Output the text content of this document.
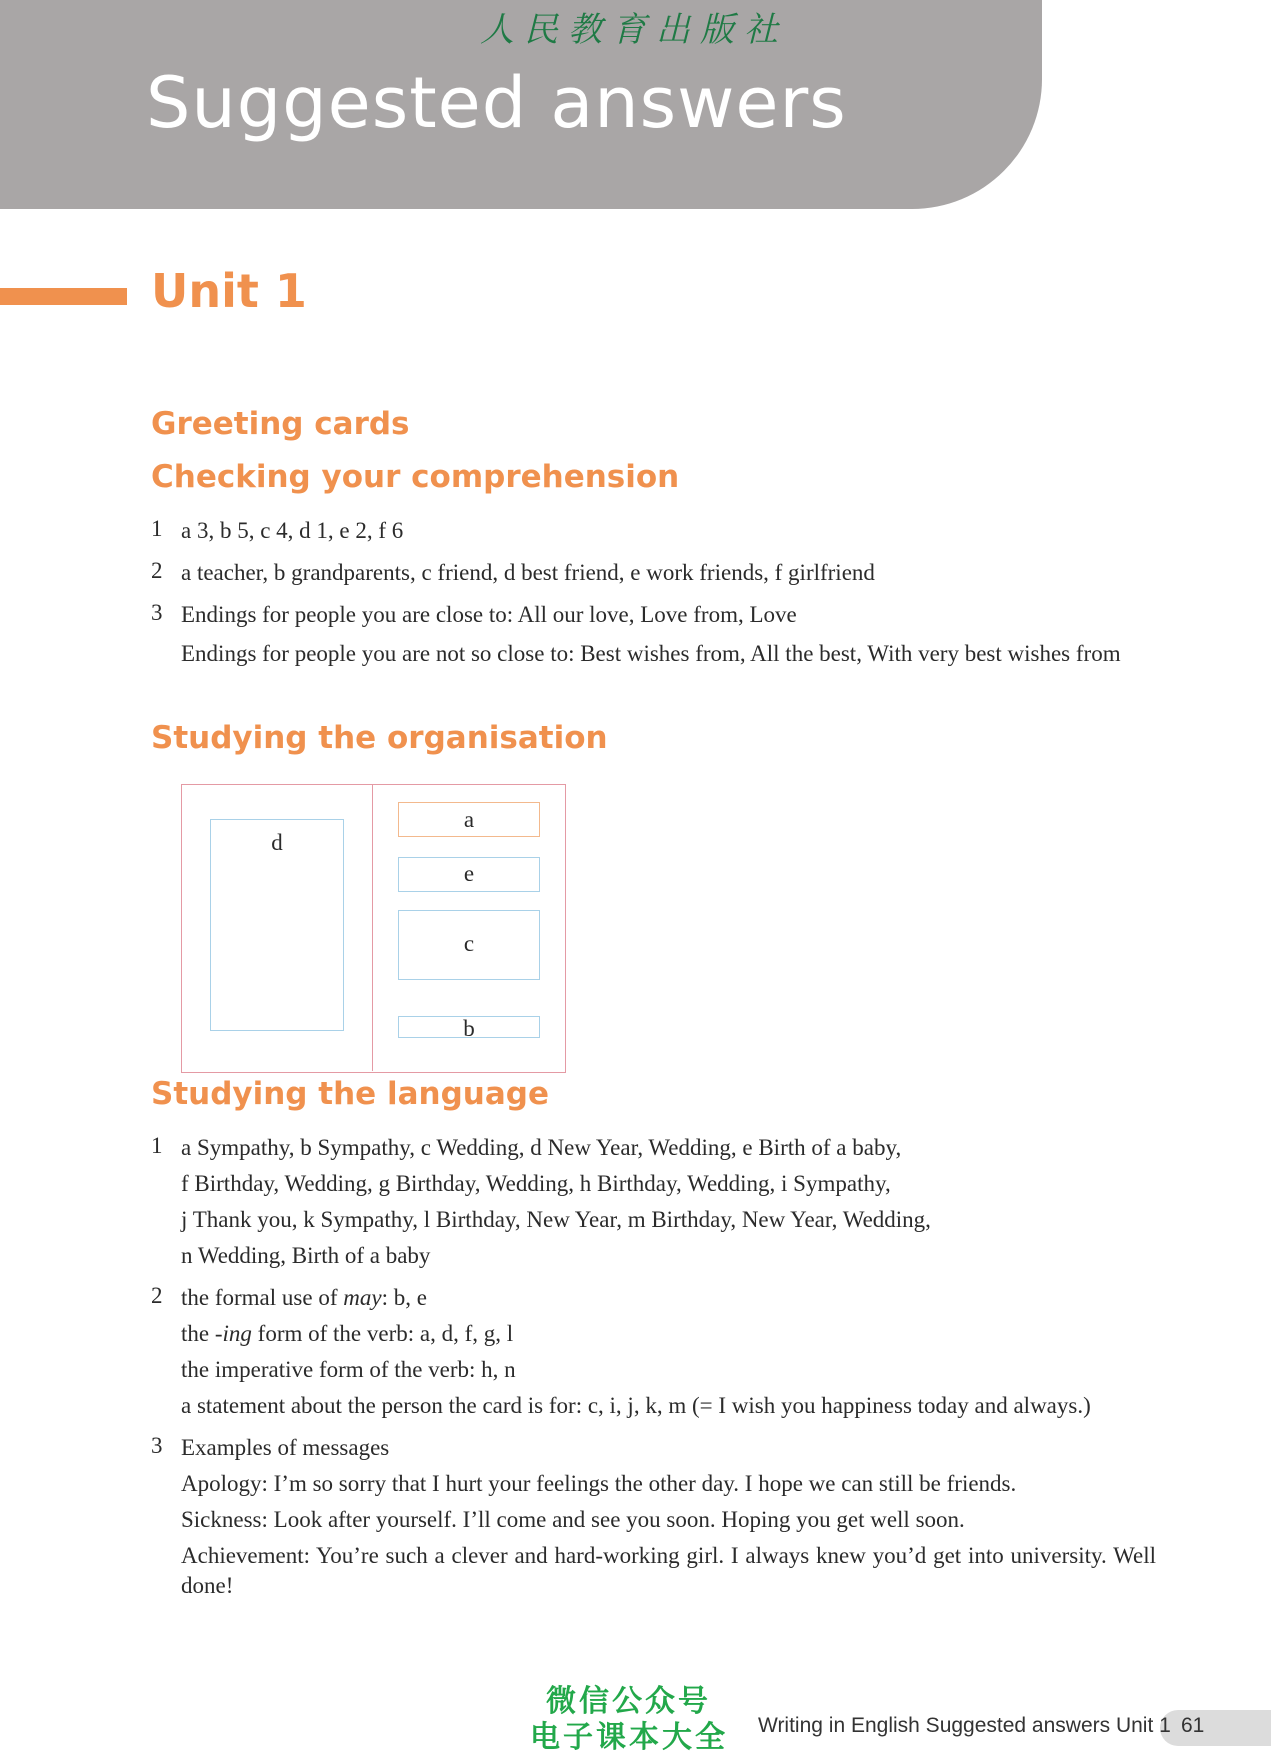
人民教育出版社
Suggested answers
Unit 1
Greeting cards
Checking your comprehension
1 a 3, b 5, c 4, d 1, e 2, f 6
2 a teacher, b grandparents, c friend, d best friend, e work friends, f girlfriend
3 Endings for people you are close to: All our love, Love from, Love
Endings for people you are not so close to: Best wishes from, All the best, With very best wishes from
Studying the organisation
d
a
e
c
b
Studying the language
1 a Sympathy, b Sympathy, c Wedding, d New Year, Wedding, e Birth of a baby,
f Birthday, Wedding, g Birthday, Wedding, h Birthday, Wedding, i Sympathy,
j Thank you, k Sympathy, l Birthday, New Year, m Birthday, New Year, Wedding,
n Wedding, Birth of a baby
2 the formal use of may: b, e
the -ing form of the verb: a, d, f, g, l
the imperative form of the verb: h, n
a statement about the person the card is for: c, i, j, k, m (= I wish you happiness today and always.)
3 Examples of messages
Apology: I’m so sorry that I hurt your feelings the other day. I hope we can still be friends.
Sickness: Look after yourself. I’ll come and see you soon. Hoping you get well soon.
Achievement: You’re such a clever and hard-working girl. I always knew you’d get into university. Well done!
微信公众号
电子课本大全 Writing in English Suggested answers Unit 1 61
